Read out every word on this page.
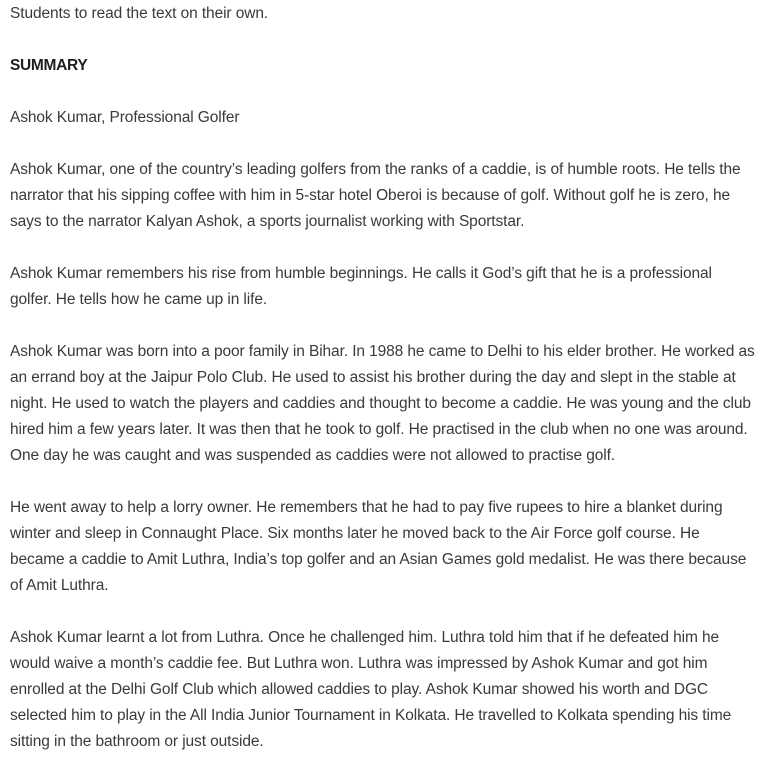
Students to read the text on their own.

SUMMARY

Ashok Kumar, Professional Golfer

Ashok Kumar, one of the country’s leading golfers from the ranks of a caddie, is of humble roots. He tells the narrator that his sipping coffee with him in 5-star hotel Oberoi is because of golf. Without golf he is zero, he says to the narrator Kalyan Ashok, a sports journalist working with Sportstar.

Ashok Kumar remembers his rise from humble beginnings. He calls it God’s gift that he is a professional golfer. He tells how he came up in life.

Ashok Kumar was born into a poor family in Bihar. In 1988 he came to Delhi to his elder brother. He worked as an errand boy at the Jaipur Polo Club. He used to assist his brother during the day and slept in the stable at night. He used to watch the players and caddies and thought to become a caddie. He was young and the club hired him a few years later. It was then that he took to golf. He practised in the club when no one was around. One day he was caught and was suspended as caddies were not allowed to practise golf.

He went away to help a lorry owner. He remembers that he had to pay five rupees to hire a blanket during winter and sleep in Connaught Place. Six months later he moved back to the Air Force golf course. He became a caddie to Amit Luthra, India’s top golfer and an Asian Games gold medalist. He was there because of Amit Luthra.

Ashok Kumar learnt a lot from Luthra. Once he challenged him. Luthra told him that if he defeated him he would waive a month’s caddie fee. But Luthra won. Luthra was impressed by Ashok Kumar and got him enrolled at the Delhi Golf Club which allowed caddies to play. Ashok Kumar showed his worth and DGC selected him to play in the All India Junior Tournament in Kolkata. He travelled to Kolkata spending his time sitting in the bathroom or just outside.
